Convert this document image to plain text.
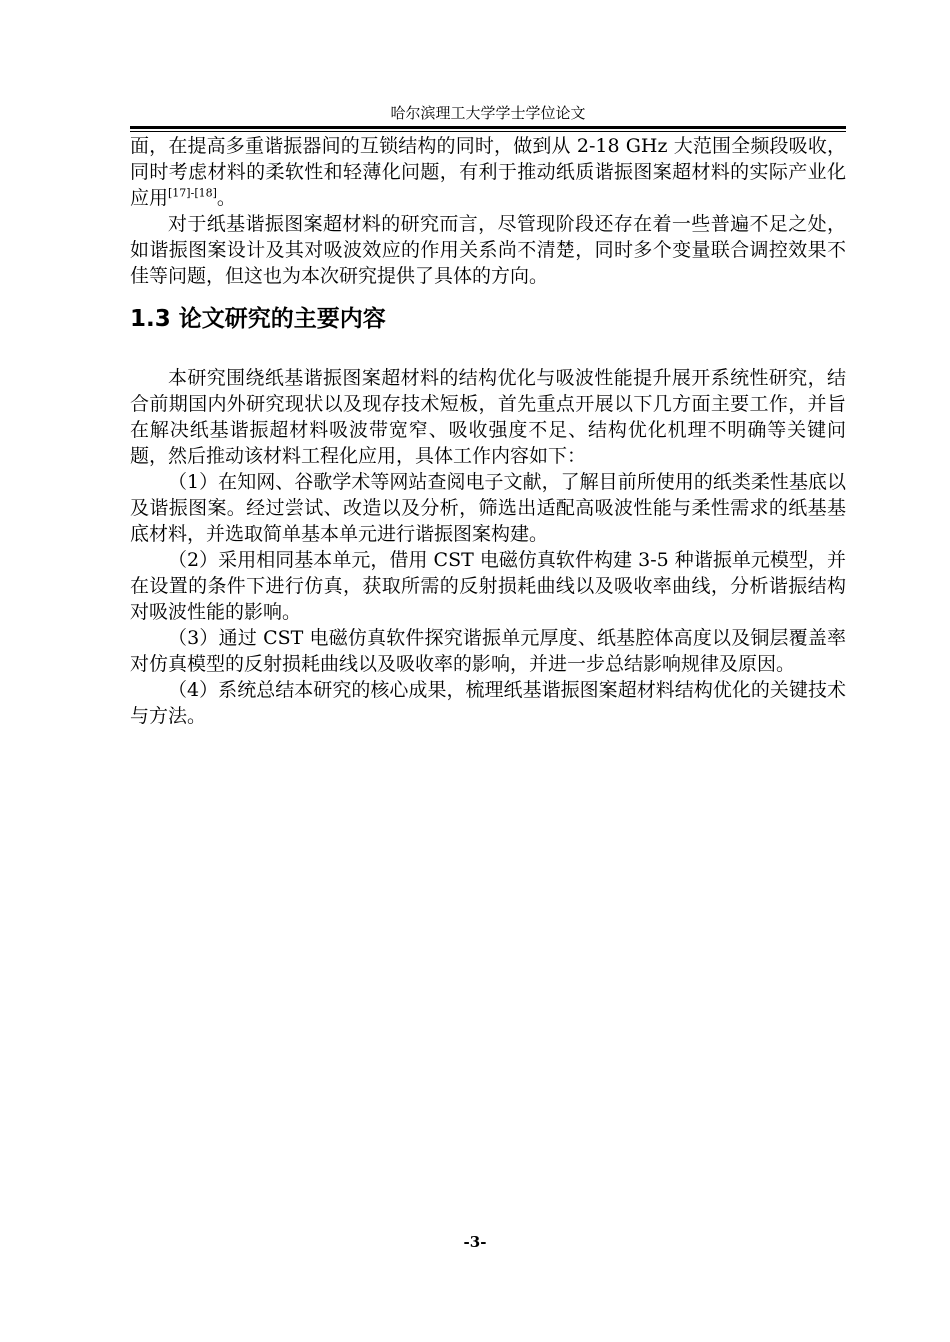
哈尔滨理工大学学士学位论文

面，在提高多重谐振器间的互锁结构的同时，做到从 2-18 GHz 大范围全频段吸收，同时考虑材料的柔软性和轻薄化问题，有利于推动纸质谐振图案超材料的实际产业化应用[17]-[18]。

对于纸基谐振图案超材料的研究而言，尽管现阶段还存在着一些普遍不足之处，如谐振图案设计及其对吸波效应的作用关系尚不清楚，同时多个变量联合调控效果不佳等问题，但这也为本次研究提供了具体的方向。

1.3 论文研究的主要内容

本研究围绕纸基谐振图案超材料的结构优化与吸波性能提升展开系统性研究，结合前期国内外研究现状以及现存技术短板，首先重点开展以下几方面主要工作，并旨在解决纸基谐振超材料吸波带宽窄、吸收强度不足、结构优化机理不明确等关键问题，然后推动该材料工程化应用，具体工作内容如下：

（1）在知网、谷歌学术等网站查阅电子文献，了解目前所使用的纸类柔性基底以及谐振图案。经过尝试、改造以及分析，筛选出适配高吸波性能与柔性需求的纸基基底材料，并选取简单基本单元进行谐振图案构建。

（2）采用相同基本单元，借用 CST 电磁仿真软件构建 3-5 种谐振单元模型，并在设置的条件下进行仿真，获取所需的反射损耗曲线以及吸收率曲线，分析谐振结构对吸波性能的影响。

（3）通过 CST 电磁仿真软件探究谐振单元厚度、纸基腔体高度以及铜层覆盖率对仿真模型的反射损耗曲线以及吸收率的影响，并进一步总结影响规律及原因。

（4）系统总结本研究的核心成果，梳理纸基谐振图案超材料结构优化的关键技术与方法。

-3-
